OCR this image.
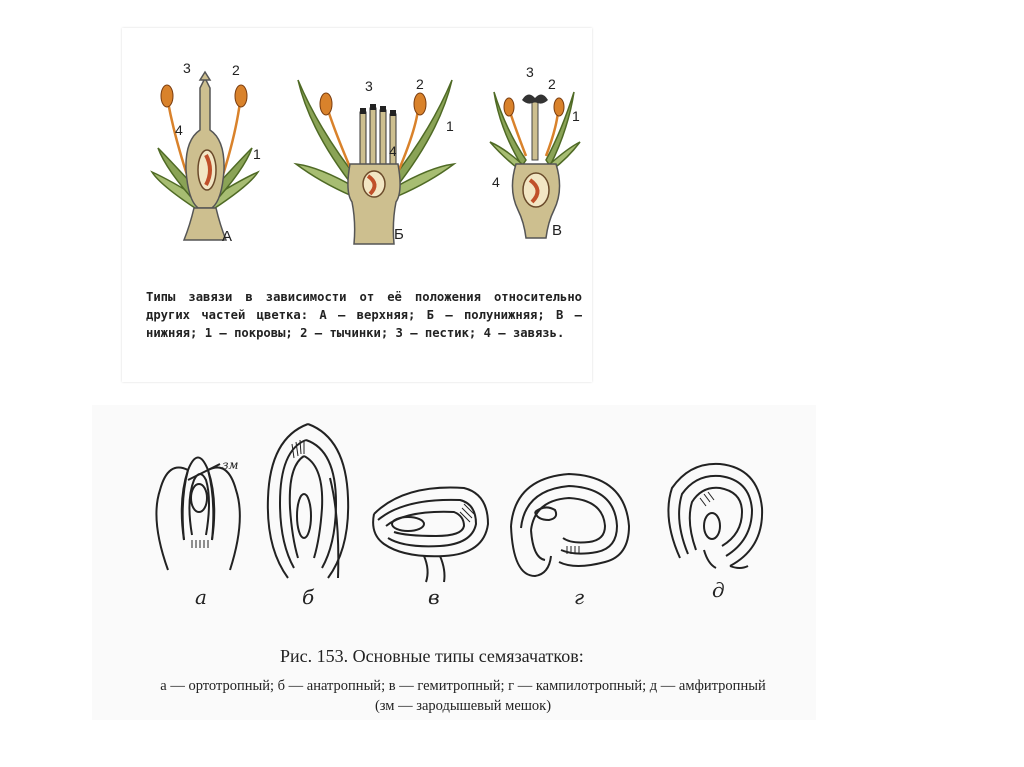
1
2
3
4
А
1
2
3
4
Б
1
2
3
4
В
Типы завязи в зависимости от её положения относительно других частей цветка: А — верхняя; Б — полунижняя; В — нижняя; 1 — покровы; 2 — тычинки; 3 — пестик; 4 — завязь.
зм
а	б	в	г	д
Рис. 153. Основные типы семязачатков:
а — ортотропный; б — анатропный; в — гемитропный; г — кампилотропный; д — амфитропный
(зм — зародышевый мешок)
